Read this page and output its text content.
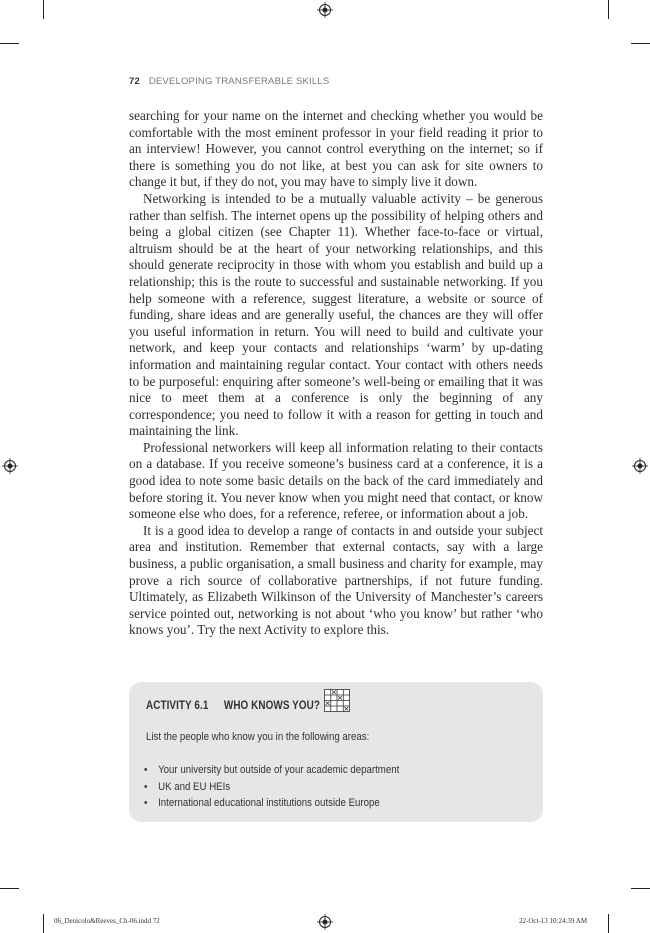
72 DEVELOPING TRANSFERABLE SKILLS

searching for your name on the internet and checking whether you would be comfortable with the most eminent professor in your field reading it prior to an interview! However, you cannot control everything on the internet; so if there is something you do not like, at best you can ask for site owners to change it but, if they do not, you may have to simply live it down.

Networking is intended to be a mutually valuable activity – be generous rather than selfish. The internet opens up the possibility of helping others and being a global citizen (see Chapter 11). Whether face-to-face or virtual, altruism should be at the heart of your networking relationships, and this should generate reciprocity in those with whom you establish and build up a relationship; this is the route to successful and sustainable networking. If you help someone with a reference, suggest literature, a website or source of funding, share ideas and are generally useful, the chances are they will offer you useful information in return. You will need to build and cultivate your network, and keep your contacts and relationships ‘warm’ by up-dating information and maintaining regular contact. Your contact with others needs to be purposeful: enquiring after someone’s well-being or emailing that it was nice to meet them at a conference is only the beginning of any correspondence; you need to follow it with a reason for getting in touch and maintaining the link.

Professional networkers will keep all information relating to their contacts on a database. If you receive someone’s business card at a conference, it is a good idea to note some basic details on the back of the card immediately and before storing it. You never know when you might need that contact, or know someone else who does, for a reference, referee, or information about a job.

It is a good idea to develop a range of contacts in and outside your subject area and institution. Remember that external contacts, say with a large business, a public organisation, a small business and charity for example, may prove a rich source of collaborative partnerships, if not future funding. Ultimately, as Elizabeth Wilkinson of the University of Manchester’s careers service pointed out, networking is not about ‘who you know’ but rather ‘who knows you’. Try the next Activity to explore this.

ACTIVITY 6.1 WHO KNOWS YOU?
List the people who know you in the following areas:
• Your university but outside of your academic department
• UK and EU HEIs
• International educational institutions outside Europe
06_Denicolo&Reeves_Ch-06.indd 72	22-Oct-13 10:24:39 AM
